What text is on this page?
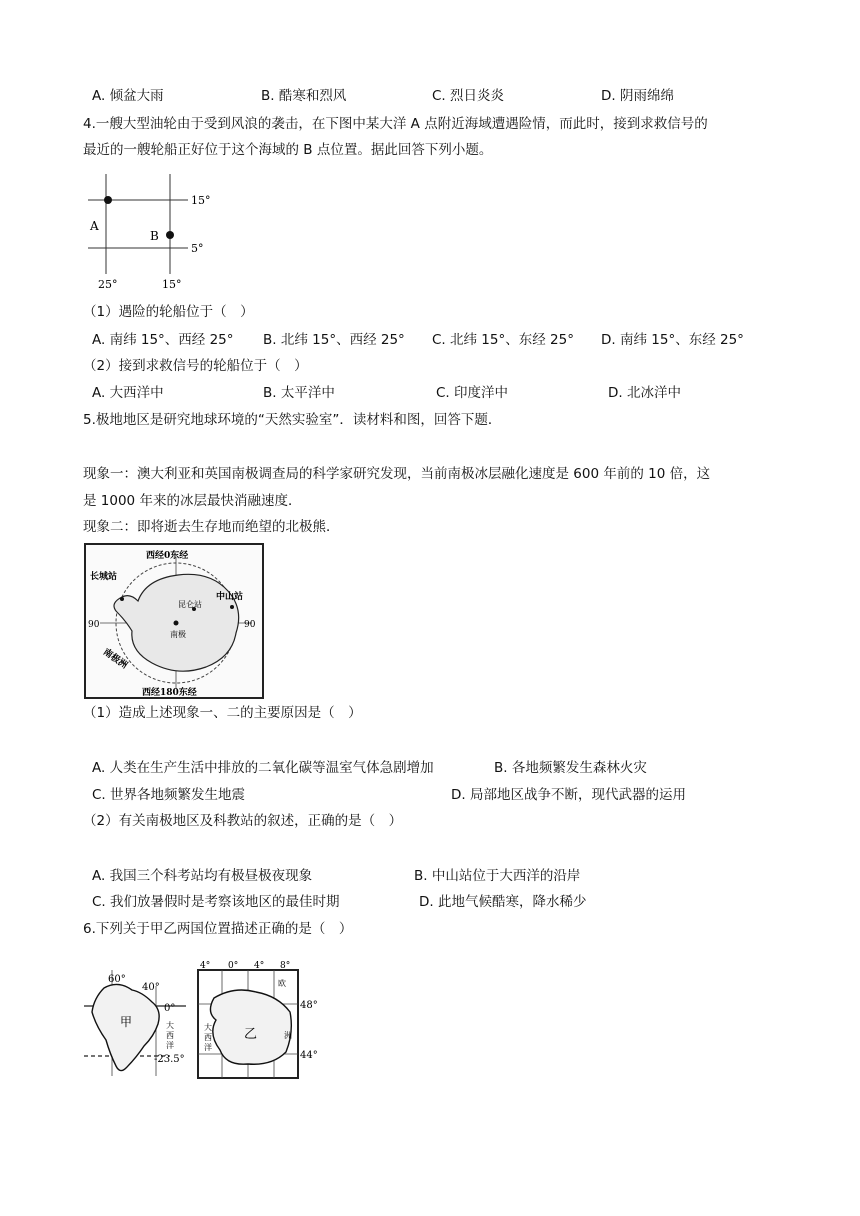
A. 倾盆大雨	B. 酷寒和烈风	C. 烈日炎炎	D. 阴雨绵绵
4.一艘大型油轮由于受到风浪的袭击，在下图中某大洋 A 点附近海域遭遇险情，而此时，接到求救信号的
最近的一艘轮船正好位于这个海域的 B 点位置。据此回答下列小题。
15°
5°
25°	15°
A
B
（1）遇险的轮船位于（　）
A. 南纬 15°、西经 25° B. 北纬 15°、西经 25° C. 北纬 15°、东经 25° D. 南纬 15°、东经 25°
（2）接到求救信号的轮船位于（　）
A. 大西洋中	B. 太平洋中	C. 印度洋中	D. 北冰洋中
5.极地地区是研究地球环境的“天然实验室”．读材料和图，回答下题．
现象一：澳大利亚和英国南极调查局的科学家研究发现，当前南极冰层融化速度是 600 年前的 10 倍，这
是 1000 年来的冰层最快消融速度．
现象二：即将逝去生存地而绝望的北极熊．
西经0东经
西经180东经
90	90
长城站
中山站
昆仑站
南极
南极洲
（1）造成上述现象一、二的主要原因是（　）
A. 人类在生产生活中排放的二氧化碳等温室气体急剧增加	B. 各地频繁发生森林火灾
C. 世界各地频繁发生地震	D. 局部地区战争不断，现代武器的运用
（2）有关南极地区及科教站的叙述，正确的是（　）
A. 我国三个科考站均有极昼极夜现象	B. 中山站位于大西洋的沿岸
C. 我们放暑假时是考察该地区的最佳时期	D. 此地气候酷寒，降水稀少
6.下列关于甲乙两国位置描述正确的是（　）
60°
40°
0°
甲	大
西
洋
-23.5°
4° 0° 4° 8°
48°
44°
乙
大
西
洋
欧
洲
